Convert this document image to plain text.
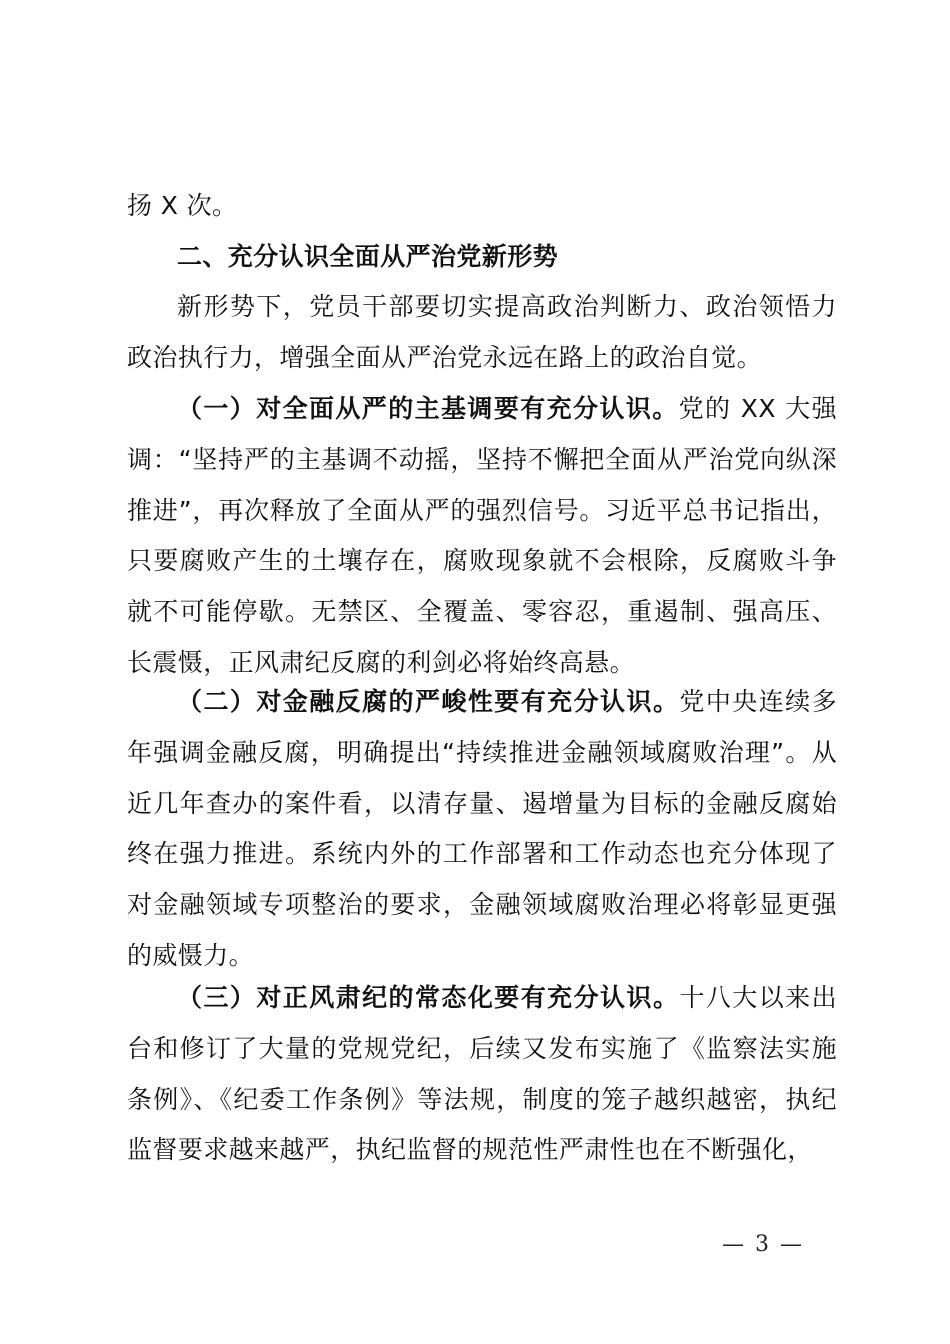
扬 X 次。
二、充分认识全面从严治党新形势
新形势下，党员干部要切实提高政治判断力、政治领悟力政治执行力，增强全面从严治党永远在路上的政治自觉。
（一）对全面从严的主基调要有充分认识。党的 XX 大强调：“坚持严的主基调不动摇，坚持不懈把全面从严治党向纵深推进”，再次释放了全面从严的强烈信号。习近平总书记指出，只要腐败产生的土壤存在，腐败现象就不会根除，反腐败斗争就不可能停歇。无禁区、全覆盖、零容忍，重遏制、强高压、长震慑，正风肃纪反腐的利剑必将始终高悬。
（二）对金融反腐的严峻性要有充分认识。党中央连续多年强调金融反腐，明确提出“持续推进金融领域腐败治理”。从近几年查办的案件看，以清存量、遏增量为目标的金融反腐始终在强力推进。系统内外的工作部署和工作动态也充分体现了对金融领域专项整治的要求，金融领域腐败治理必将彰显更强的威慑力。
（三）对正风肃纪的常态化要有充分认识。十八大以来出台和修订了大量的党规党纪，后续又发布实施了《监察法实施条例》、《纪委工作条例》等法规，制度的笼子越织越密，执纪监督要求越来越严，执纪监督的规范性严肃性也在不断强化，
— 3 —
